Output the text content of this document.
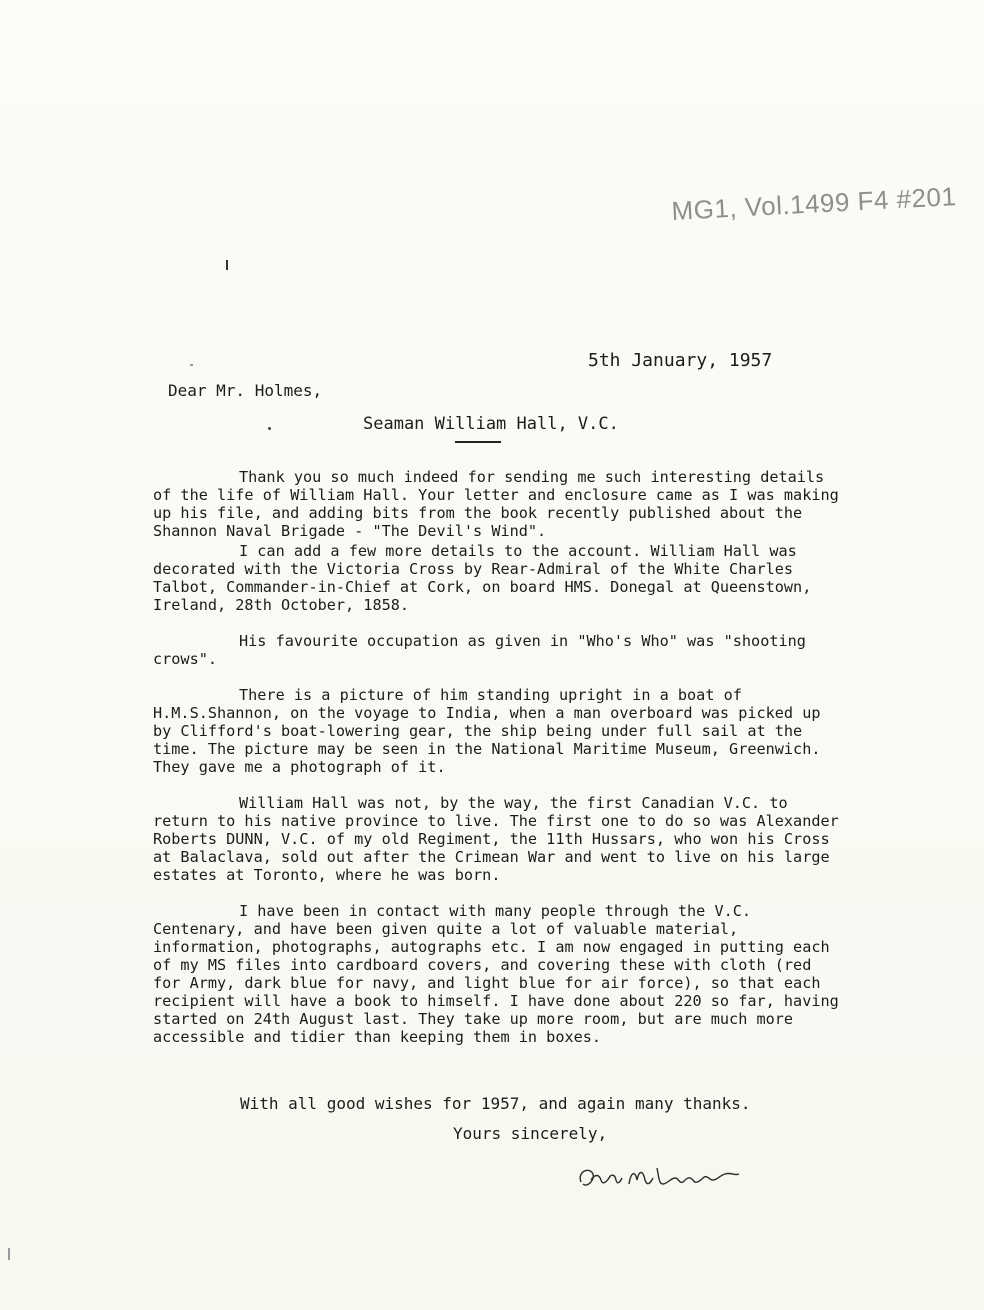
MG1, Vol.1499 F4 #201
5th January, 1957
Dear Mr. Holmes,
Seaman William Hall, V.C.

Thank you so much indeed for sending me such interesting details of the life of William Hall. Your letter and enclosure came as I was making up his file, and adding bits from the book recently published about the Shannon Naval Brigade - "The Devil's Wind".

I can add a few more details to the account. William Hall was decorated with the Victoria Cross by Rear-Admiral of the White Charles Talbot, Commander-in-Chief at Cork, on board HMS. Donegal at Queenstown, Ireland, 28th October, 1858.

His favourite occupation as given in "Who's Who" was "shooting crows".

There is a picture of him standing upright in a boat of H.M.S.Shannon, on the voyage to India, when a man overboard was picked up by Clifford's boat-lowering gear, the ship being under full sail at the time. The picture may be seen in the National Maritime Museum, Greenwich. They gave me a photograph of it.

William Hall was not, by the way, the first Canadian V.C. to return to his native province to live. The first one to do so was Alexander Roberts DUNN, V.C. of my old Regiment, the 11th Hussars, who won his Cross at Balaclava, sold out after the Crimean War and went to live on his large estates at Toronto, where he was born.

I have been in contact with many people through the V.C. Centenary, and have been given quite a lot of valuable material, information, photographs, autographs etc. I am now engaged in putting each of my MS files into cardboard covers, and covering these with cloth (red for Army, dark blue for navy, and light blue for air force), so that each recipient will have a book to himself. I have done about 220 so far, having started on 24th August last. They take up more room, but are much more accessible and tidier than keeping them in boxes.

With all good wishes for 1957, and again many thanks.
Yours sincerely,
